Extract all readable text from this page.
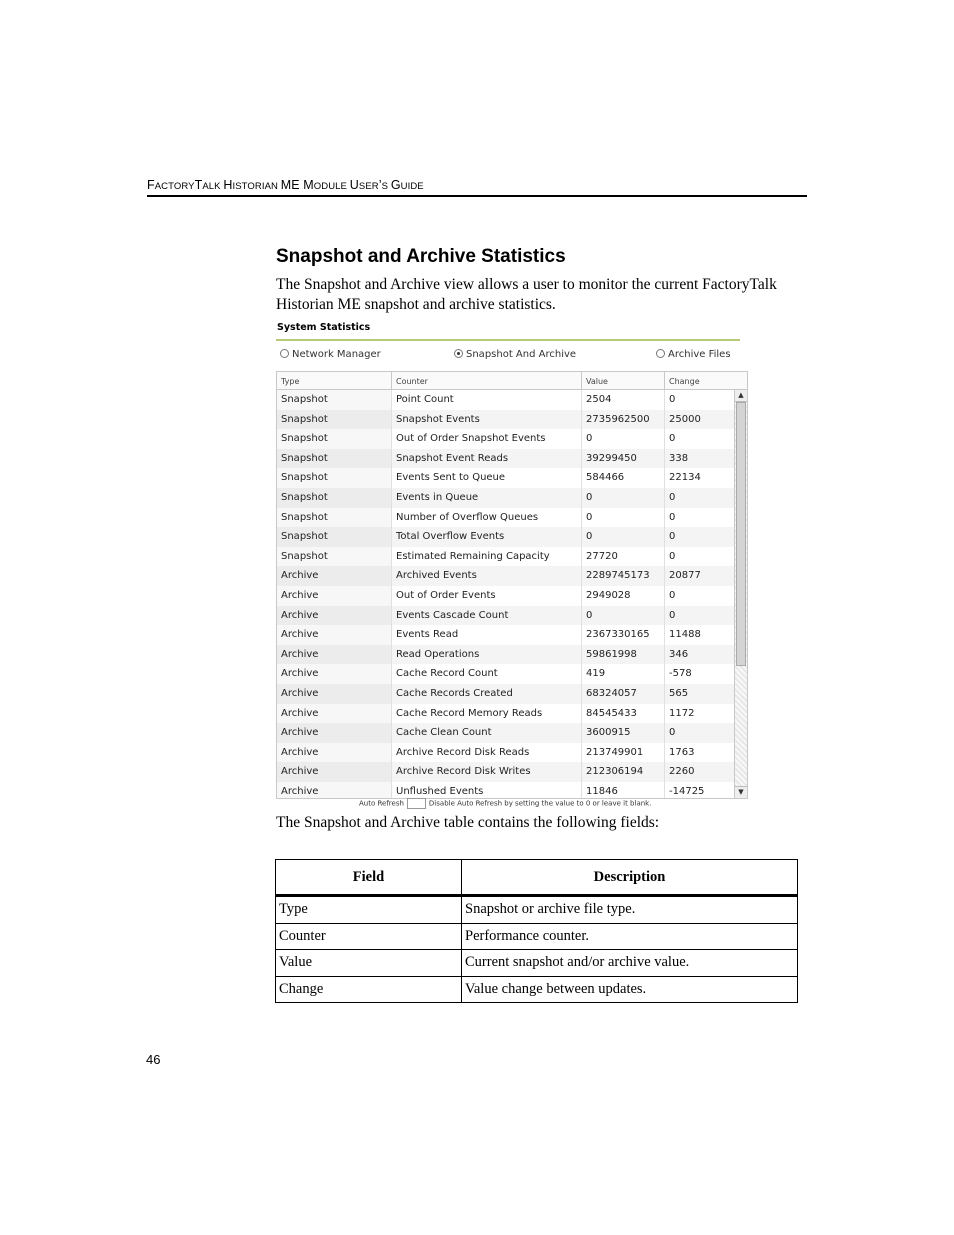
FACTORYTALK HISTORIAN ME MODULE USER’S GUIDE
Snapshot and Archive Statistics
The Snapshot and Archive view allows a user to monitor the current FactoryTalk Historian ME snapshot and archive statistics.
System Statistics
Network Manager	Snapshot And Archive	Archive Files
Type	Counter	Value	Change
Snapshot	Point Count	2504	0
Snapshot	Snapshot Events	2735962500	25000
Snapshot	Out of Order Snapshot Events	0	0
Snapshot	Snapshot Event Reads	39299450	338
Snapshot	Events Sent to Queue	584466	22134
Snapshot	Events in Queue	0	0
Snapshot	Number of Overflow Queues	0	0
Snapshot	Total Overflow Events	0	0
Snapshot	Estimated Remaining Capacity	27720	0
Archive	Archived Events	2289745173	20877
Archive	Out of Order Events	2949028	0
Archive	Events Cascade Count	0	0
Archive	Events Read	2367330165	11488
Archive	Read Operations	59861998	346
Archive	Cache Record Count	419	-578
Archive	Cache Records Created	68324057	565
Archive	Cache Record Memory Reads	84545433	1172
Archive	Cache Clean Count	3600915	0
Archive	Archive Record Disk Reads	213749901	1763
Archive	Archive Record Disk Writes	212306194	2260
Archive	Unflushed Events	11846	-14725
▲
▼
Auto Refresh	Disable Auto Refresh by setting the value to 0 or leave it blank.
The Snapshot and Archive table contains the following fields:
Field	Description
Type	Snapshot or archive file type.
Counter	Performance counter.
Value	Current snapshot and/or archive value.
Change	Value change between updates.
46
